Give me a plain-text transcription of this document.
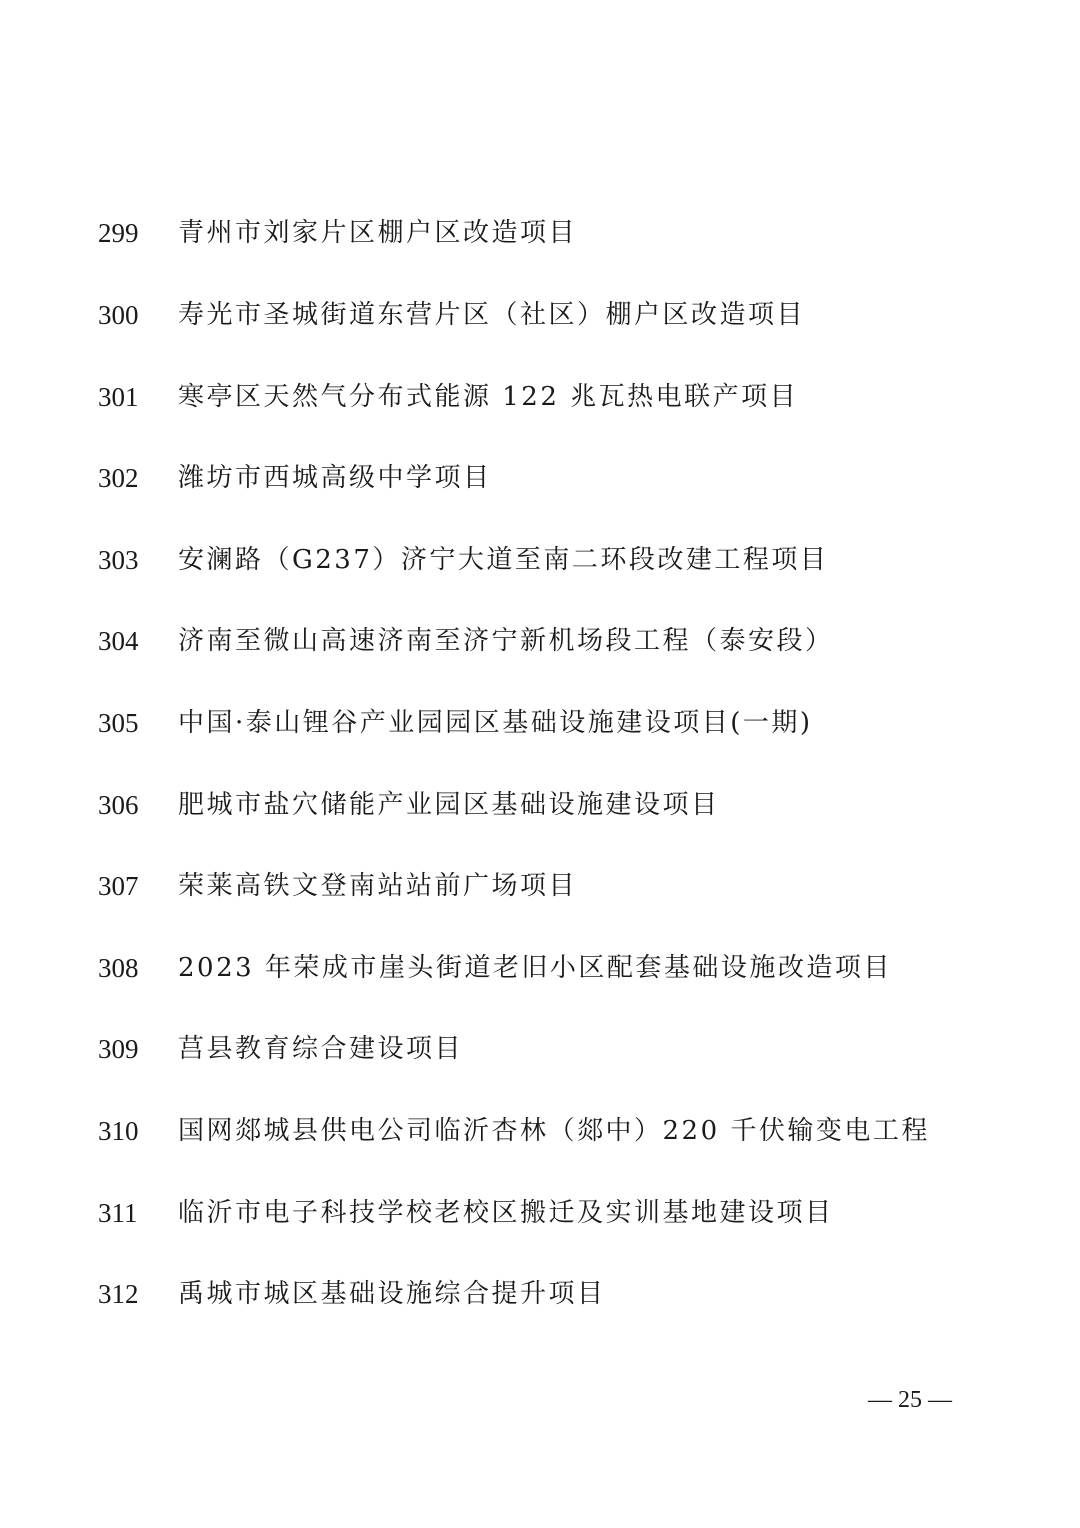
299 青州市刘家片区棚户区改造项目
300 寿光市圣城街道东营片区（社区）棚户区改造项目
301 寒亭区天然气分布式能源 122 兆瓦热电联产项目
302 潍坊市西城高级中学项目
303 安澜路（G237）济宁大道至南二环段改建工程项目
304 济南至微山高速济南至济宁新机场段工程（泰安段）
305 中国·泰山锂谷产业园园区基础设施建设项目(一期)
306 肥城市盐穴储能产业园区基础设施建设项目
307 荣莱高铁文登南站站前广场项目
308 2023 年荣成市崖头街道老旧小区配套基础设施改造项目
309 莒县教育综合建设项目
310 国网郯城县供电公司临沂杏林（郯中）220 千伏输变电工程
311 临沂市电子科技学校老校区搬迁及实训基地建设项目
312 禹城市城区基础设施综合提升项目
— 25 —
